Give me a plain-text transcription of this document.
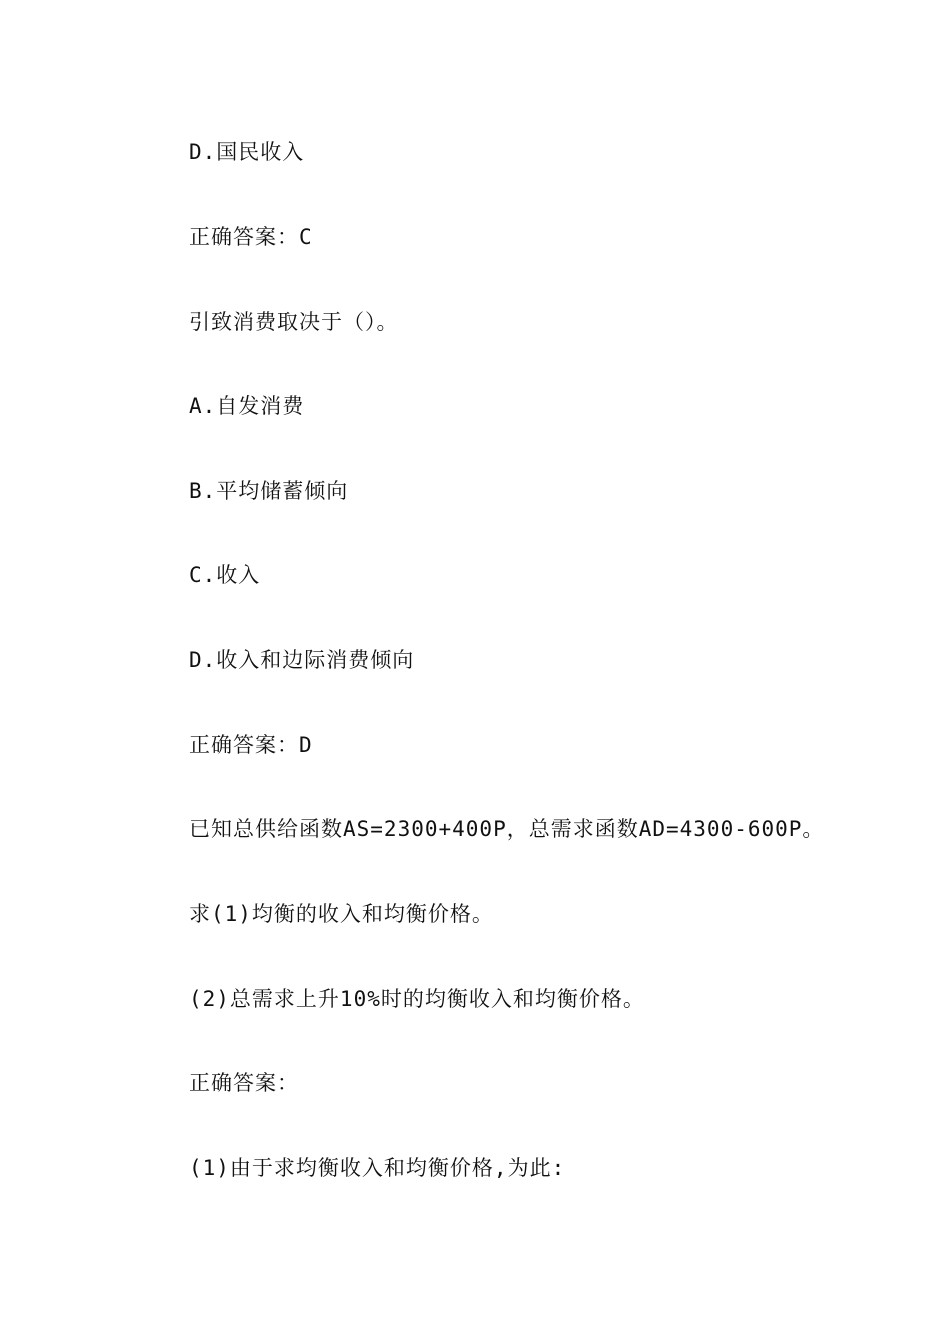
D.国民收入
正确答案：C
引致消费取决于（）。
A.自发消费
B.平均储蓄倾向
C.收入
D.收入和边际消费倾向
正确答案：D
已知总供给函数AS=2300+400P，总需求函数AD=4300-600P。
求(1)均衡的收入和均衡价格。
(2)总需求上升10%时的均衡收入和均衡价格。
正确答案：
(1)由于求均衡收入和均衡价格,为此:
